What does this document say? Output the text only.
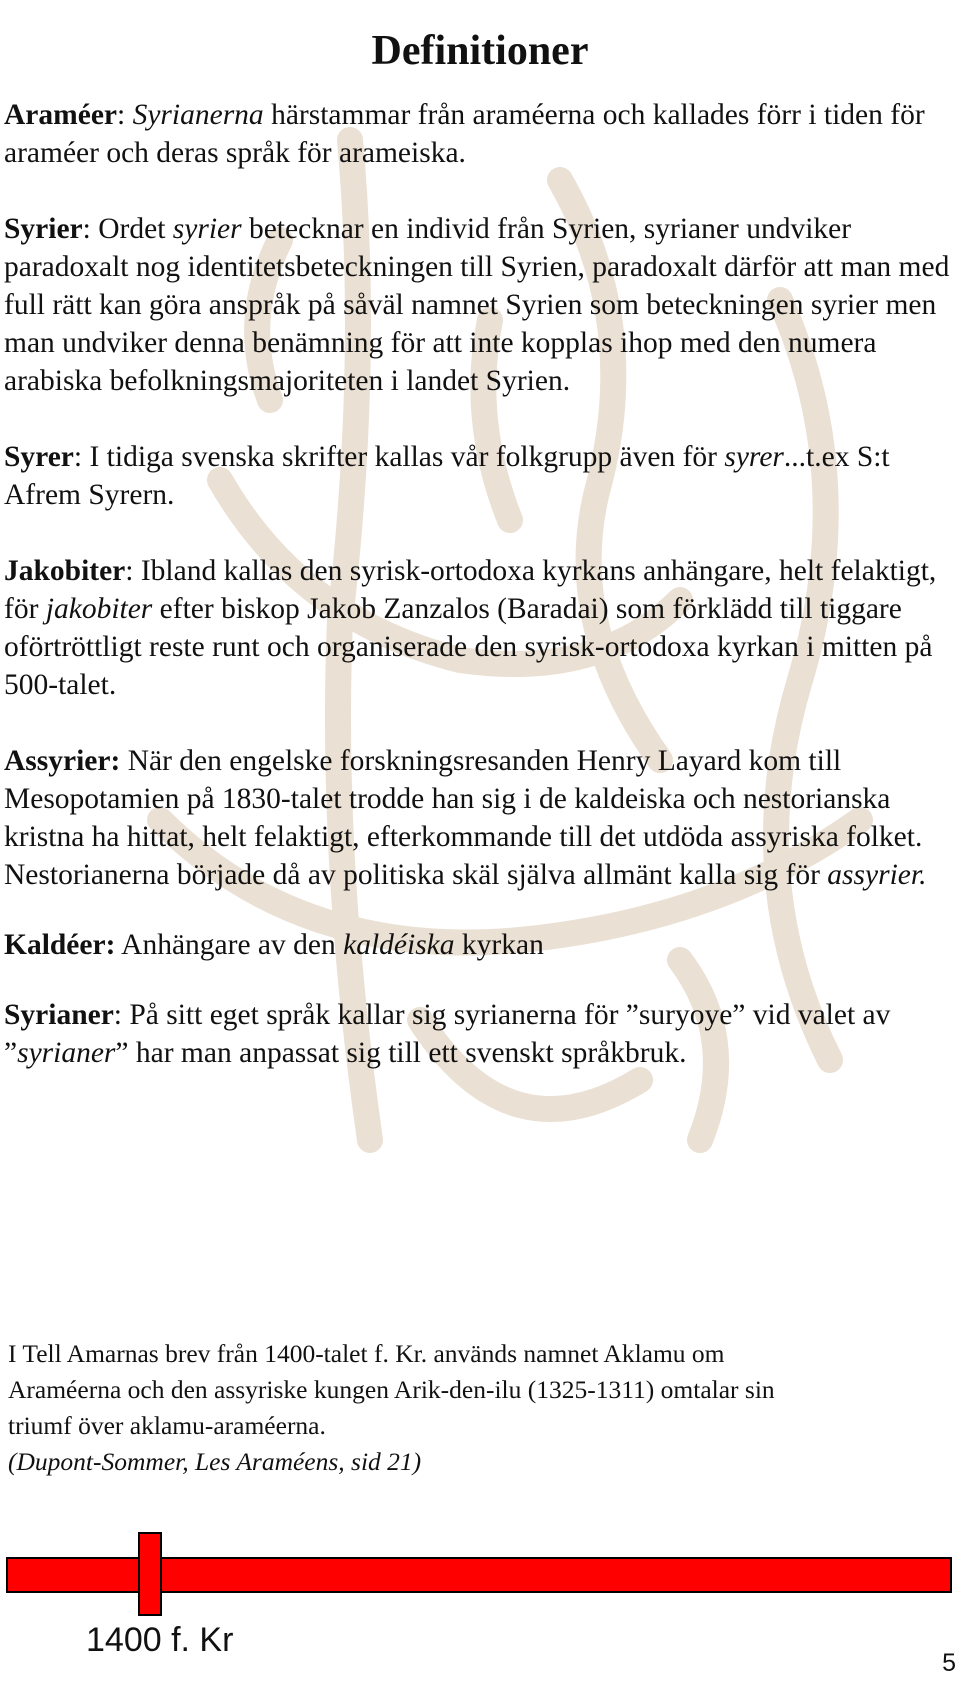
Definitioner

Araméer: Syrianerna härstammar från araméerna och kallades förr i tiden för araméer och deras språk för arameiska.

Syrier: Ordet syrier betecknar en individ från Syrien, syrianer undviker paradoxalt nog identitetsbeteckningen till Syrien, paradoxalt därför att man med full rätt kan göra anspråk på såväl namnet Syrien som beteckningen syrier men man undviker denna benämning för att inte kopplas ihop med den numera arabiska befolkningsmajoriteten i landet Syrien.

Syrer: I tidiga svenska skrifter kallas vår folkgrupp även för syrer...t.ex S:t Afrem Syrern.

Jakobiter: Ibland kallas den syrisk-ortodoxa kyrkans anhängare, helt felaktigt, för jakobiter efter biskop Jakob Zanzalos (Baradai) som förklädd till tiggare oförtröttligt reste runt och organiserade den syrisk-ortodoxa kyrkan i mitten på 500-talet.

Assyrier: När den engelske forskningsresanden Henry Layard kom till Mesopotamien på 1830-talet trodde han sig i de kaldeiska och nestorianska kristna ha hittat, helt felaktigt, efterkommande till det utdöda assyriska folket. Nestorianerna började då av politiska skäl själva allmänt kalla sig för assyrier.

Kaldéer: Anhängare av den kaldéiska kyrkan

Syrianer: På sitt eget språk kallar sig syrianerna för ”suryoye” vid valet av ”syrianer” har man anpassat sig till ett svenskt språkbruk.

I Tell Amarnas brev från 1400-talet f. Kr. används namnet Aklamu om
Araméerna och den assyriske kungen Arik-den-ilu (1325-1311) omtalar sin
triumf över aklamu-araméerna.
(Dupont-Sommer, Les Araméens, sid 21)
1400 f. Kr
5
